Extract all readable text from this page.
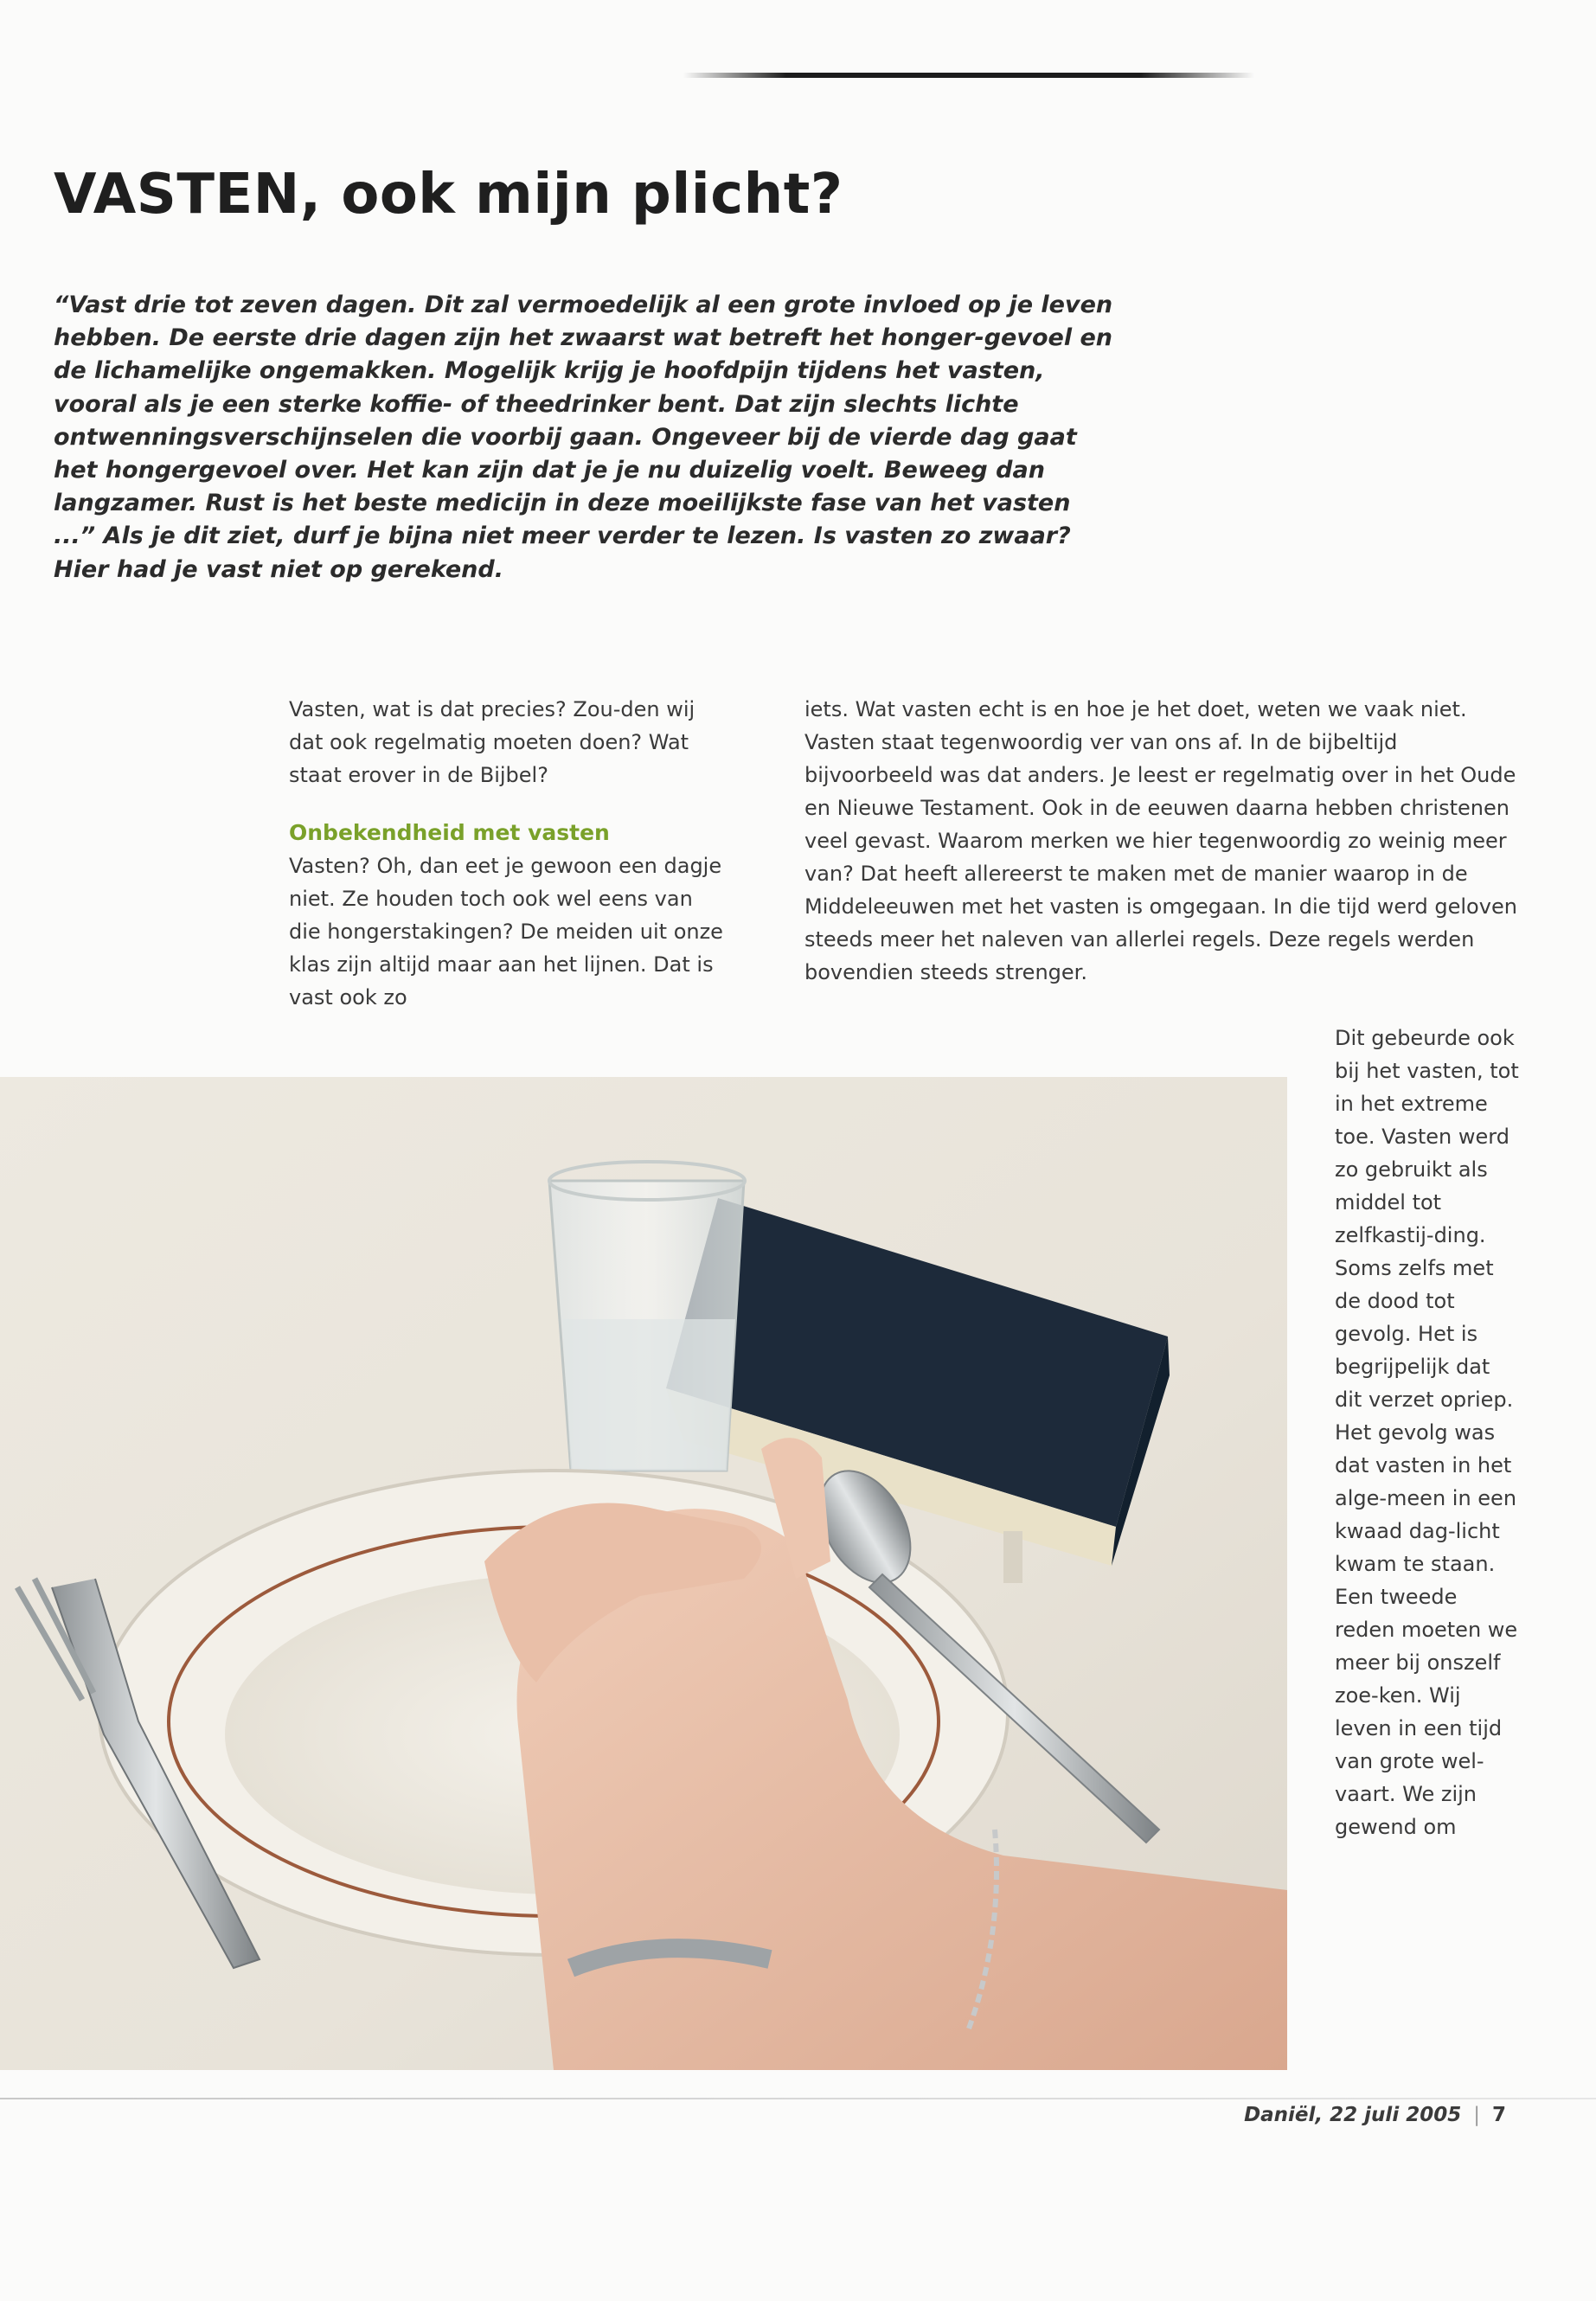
VASTEN, ook mijn plicht?

“Vast drie tot zeven dagen. Dit zal vermoedelijk al een grote invloed op je leven hebben. De eerste drie dagen zijn het zwaarst wat betreft het honger-gevoel en de lichamelijke ongemakken. Mogelijk krijg je hoofdpijn tijdens het vasten, vooral als je een sterke koffie- of theedrinker bent. Dat zijn slechts lichte ontwenningsverschijnselen die voorbij gaan. Ongeveer bij de vierde dag gaat het hongergevoel over. Het kan zijn dat je je nu duizelig voelt. Beweeg dan langzamer. Rust is het beste medicijn in deze moeilijkste fase van het vasten ...” Als je dit ziet, durf je bijna niet meer verder te lezen. Is vasten zo zwaar? Hier had je vast niet op gerekend.

Vasten, wat is dat precies? Zou-den wij dat ook regelmatig moeten doen? Wat staat erover in de Bijbel?

Onbekendheid met vasten

Vasten? Oh, dan eet je gewoon een dagje niet. Ze houden toch ook wel eens van die hongerstakingen? De meiden uit onze klas zijn altijd maar aan het lijnen. Dat is vast ook zo

iets. Wat vasten echt is en hoe je het doet, weten we vaak niet. Vasten staat tegenwoordig ver van ons af. In de bijbeltijd bijvoorbeeld was dat anders. Je leest er regelmatig over in het Oude en Nieuwe Testament. Ook in de eeuwen daarna hebben christenen veel gevast. Waarom merken we hier tegenwoordig zo weinig meer van? Dat heeft allereerst te maken met de manier waarop in de Middeleeuwen met het vasten is omgegaan. In die tijd werd geloven steeds meer het naleven van allerlei regels. Deze regels werden bovendien steeds strenger.

Dit gebeurde ook bij het vasten, tot in het extreme toe. Vasten werd zo gebruikt als middel tot zelfkastij-ding. Soms zelfs met de dood tot gevolg. Het is begrijpelijk dat dit verzet opriep. Het gevolg was dat vasten in het alge-meen in een kwaad dag-licht kwam te staan.

Een tweede reden moeten we meer bij onszelf zoe-ken. Wij leven in een tijd van grote wel-vaart. We zijn gewend om

Daniël, 22 juli 2005 | 7
